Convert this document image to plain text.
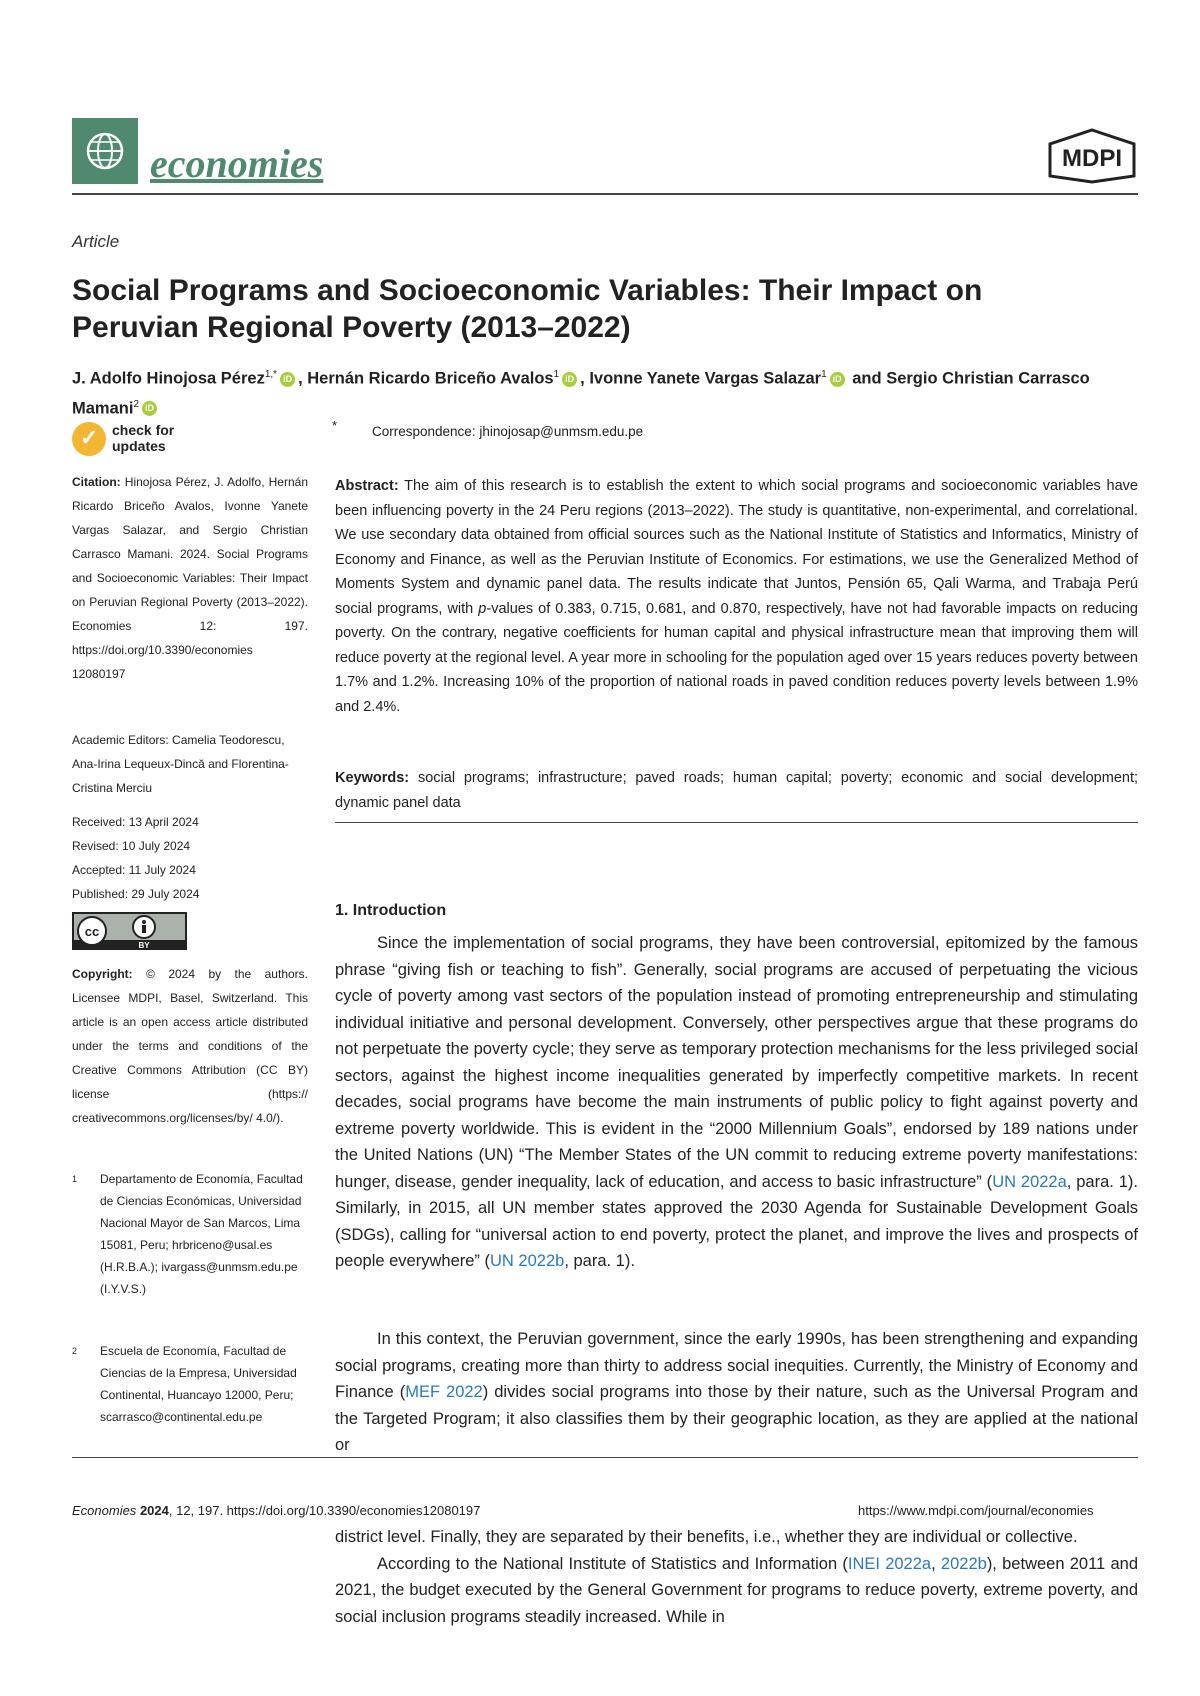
economies	MDPI
Article
Social Programs and Socioeconomic Variables: Their Impact on Peruvian Regional Poverty (2013–2022)
J. Adolfo Hinojosa Pérez$^{1,*}$ iD , Hernán Ricardo Briceño Avalos$^1$ iD , Ivonne Yanete Vargas Salazar$^1$ iD and Sergio Christian Carrasco Mamani$^2$ iD
✓ check for
updates
*	Correspondence: jhinojosap@unmsm.edu.pe
Citation: Hinojosa Pérez, J. Adolfo, Hernán Ricardo Briceño Avalos, Ivonne Yanete Vargas Salazar, and Sergio Christian Carrasco Mamani. 2024. Social Programs and Socioeconomic Variables: Their Impact on Peruvian Regional Poverty (2013–2022). Economies 12: 197. https://doi.org/10.3390/economies 12080197
Academic Editors: Camelia Teodorescu, Ana-Irina Lequeux-Dincă and Florentina-Cristina Merciu
Received: 13 April 2024
Revised: 10 July 2024
Accepted: 11 July 2024
Published: 29 July 2024
cc
BY
Copyright: © 2024 by the authors. Licensee MDPI, Basel, Switzerland. This article is an open access article distributed under the terms and conditions of the Creative Commons Attribution (CC BY) license (https:// creativecommons.org/licenses/by/ 4.0/).
1 Departamento de Economía, Facultad de Ciencias Económicas, Universidad Nacional Mayor de San Marcos, Lima 15081, Peru; hrbriceno@usal.es (H.R.B.A.); ivargass@unmsm.edu.pe (I.Y.V.S.)
2 Escuela de Economía, Facultad de Ciencias de la Empresa, Universidad Continental, Huancayo 12000, Peru; scarrasco@continental.edu.pe
Abstract: The aim of this research is to establish the extent to which social programs and socioeconomic variables have been influencing poverty in the 24 Peru regions (2013–2022). The study is quantitative, non-experimental, and correlational. We use secondary data obtained from official sources such as the National Institute of Statistics and Informatics, Ministry of Economy and Finance, as well as the Peruvian Institute of Economics. For estimations, we use the Generalized Method of Moments System and dynamic panel data. The results indicate that Juntos, Pensión 65, Qali Warma, and Trabaja Perú social programs, with p-values of 0.383, 0.715, 0.681, and 0.870, respectively, have not had favorable impacts on reducing poverty. On the contrary, negative coefficients for human capital and physical infrastructure mean that improving them will reduce poverty at the regional level. A year more in schooling for the population aged over 15 years reduces poverty between 1.7% and 1.2%. Increasing 10% of the proportion of national roads in paved condition reduces poverty levels between 1.9% and 2.4%.
Keywords: social programs; infrastructure; paved roads; human capital; poverty; economic and social development; dynamic panel data
1. Introduction

Since the implementation of social programs, they have been controversial, epitomized by the famous phrase “giving fish or teaching to fish”. Generally, social programs are accused of perpetuating the vicious cycle of poverty among vast sectors of the population instead of promoting entrepreneurship and stimulating individual initiative and personal development. Conversely, other perspectives argue that these programs do not perpetuate the poverty cycle; they serve as temporary protection mechanisms for the less privileged social sectors, against the highest income inequalities generated by imperfectly competitive markets. In recent decades, social programs have become the main instruments of public policy to fight against poverty and extreme poverty worldwide. This is evident in the “2000 Millennium Goals”, endorsed by 189 nations under the United Nations (UN) “The Member States of the UN commit to reducing extreme poverty manifestations: hunger, disease, gender inequality, lack of education, and access to basic infrastructure” (UN 2022a, para. 1). Similarly, in 2015, all UN member states approved the 2030 Agenda for Sustainable Development Goals (SDGs), calling for “universal action to end poverty, protect the planet, and improve the lives and prospects of people everywhere” (UN 2022b, para. 1).

In this context, the Peruvian government, since the early 1990s, has been strengthening and expanding social programs, creating more than thirty to address social inequities. Currently, the Ministry of Economy and Finance (MEF 2022) divides social programs into those by their nature, such as the Universal Program and the Targeted Program; it also classifies them by their geographic location, as they are applied at the national or

Economies 2024, 12, 197. https://doi.org/10.3390/economies12080197	https://www.mdpi.com/journal/economies

district level. Finally, they are separated by their benefits, i.e., whether they are individual or collective.

According to the National Institute of Statistics and Information (INEI 2022a, 2022b), between 2011 and 2021, the budget executed by the General Government for programs to reduce poverty, extreme poverty, and social inclusion programs steadily increased. While in
